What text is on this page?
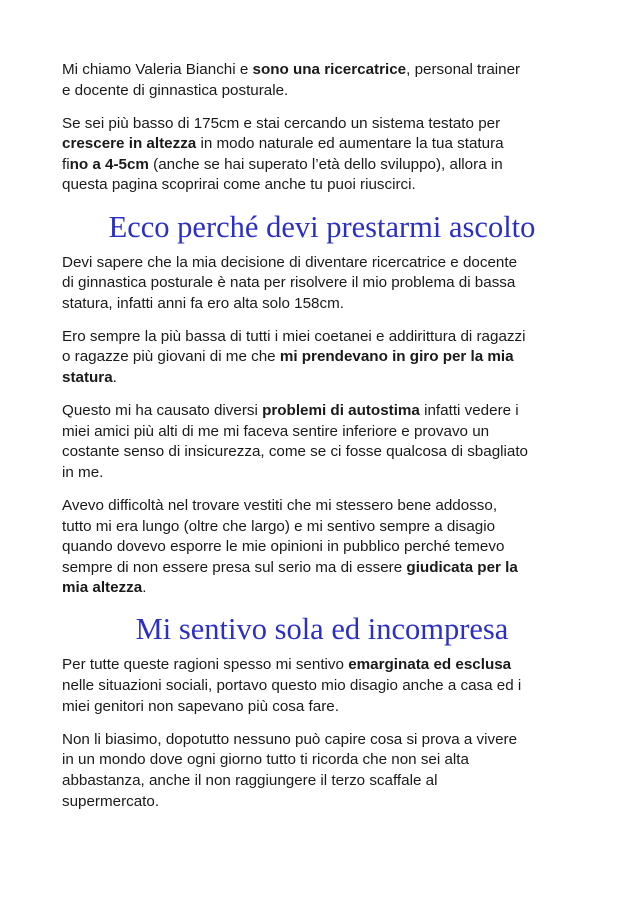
Mi chiamo Valeria Bianchi e sono una ricercatrice, personal trainer
e docente di ginnastica posturale.

Se sei più basso di 175cm e stai cercando un sistema testato per
crescere in altezza in modo naturale ed aumentare la tua statura
fino a 4-5cm (anche se hai superato l’età dello sviluppo), allora in
questa pagina scoprirai come anche tu puoi riuscirci.

Ecco perché devi prestarmi ascolto

Devi sapere che la mia decisione di diventare ricercatrice e docente
di ginnastica posturale è nata per risolvere il mio problema di bassa
statura, infatti anni fa ero alta solo 158cm.

Ero sempre la più bassa di tutti i miei coetanei e addirittura di ragazzi
o ragazze più giovani di me che mi prendevano in giro per la mia
statura.

Questo mi ha causato diversi problemi di autostima infatti vedere i
miei amici più alti di me mi faceva sentire inferiore e provavo un
costante senso di insicurezza, come se ci fosse qualcosa di sbagliato
in me.

Avevo difficoltà nel trovare vestiti che mi stessero bene addosso,
tutto mi era lungo (oltre che largo) e mi sentivo sempre a disagio
quando dovevo esporre le mie opinioni in pubblico perché temevo
sempre di non essere presa sul serio ma di essere giudicata per la
mia altezza.

Mi sentivo sola ed incompresa

Per tutte queste ragioni spesso mi sentivo emarginata ed esclusa
nelle situazioni sociali, portavo questo mio disagio anche a casa ed i
miei genitori non sapevano più cosa fare.

Non li biasimo, dopotutto nessuno può capire cosa si prova a vivere
in un mondo dove ogni giorno tutto ti ricorda che non sei alta
abbastanza, anche il non raggiungere il terzo scaffale al
supermercato.
